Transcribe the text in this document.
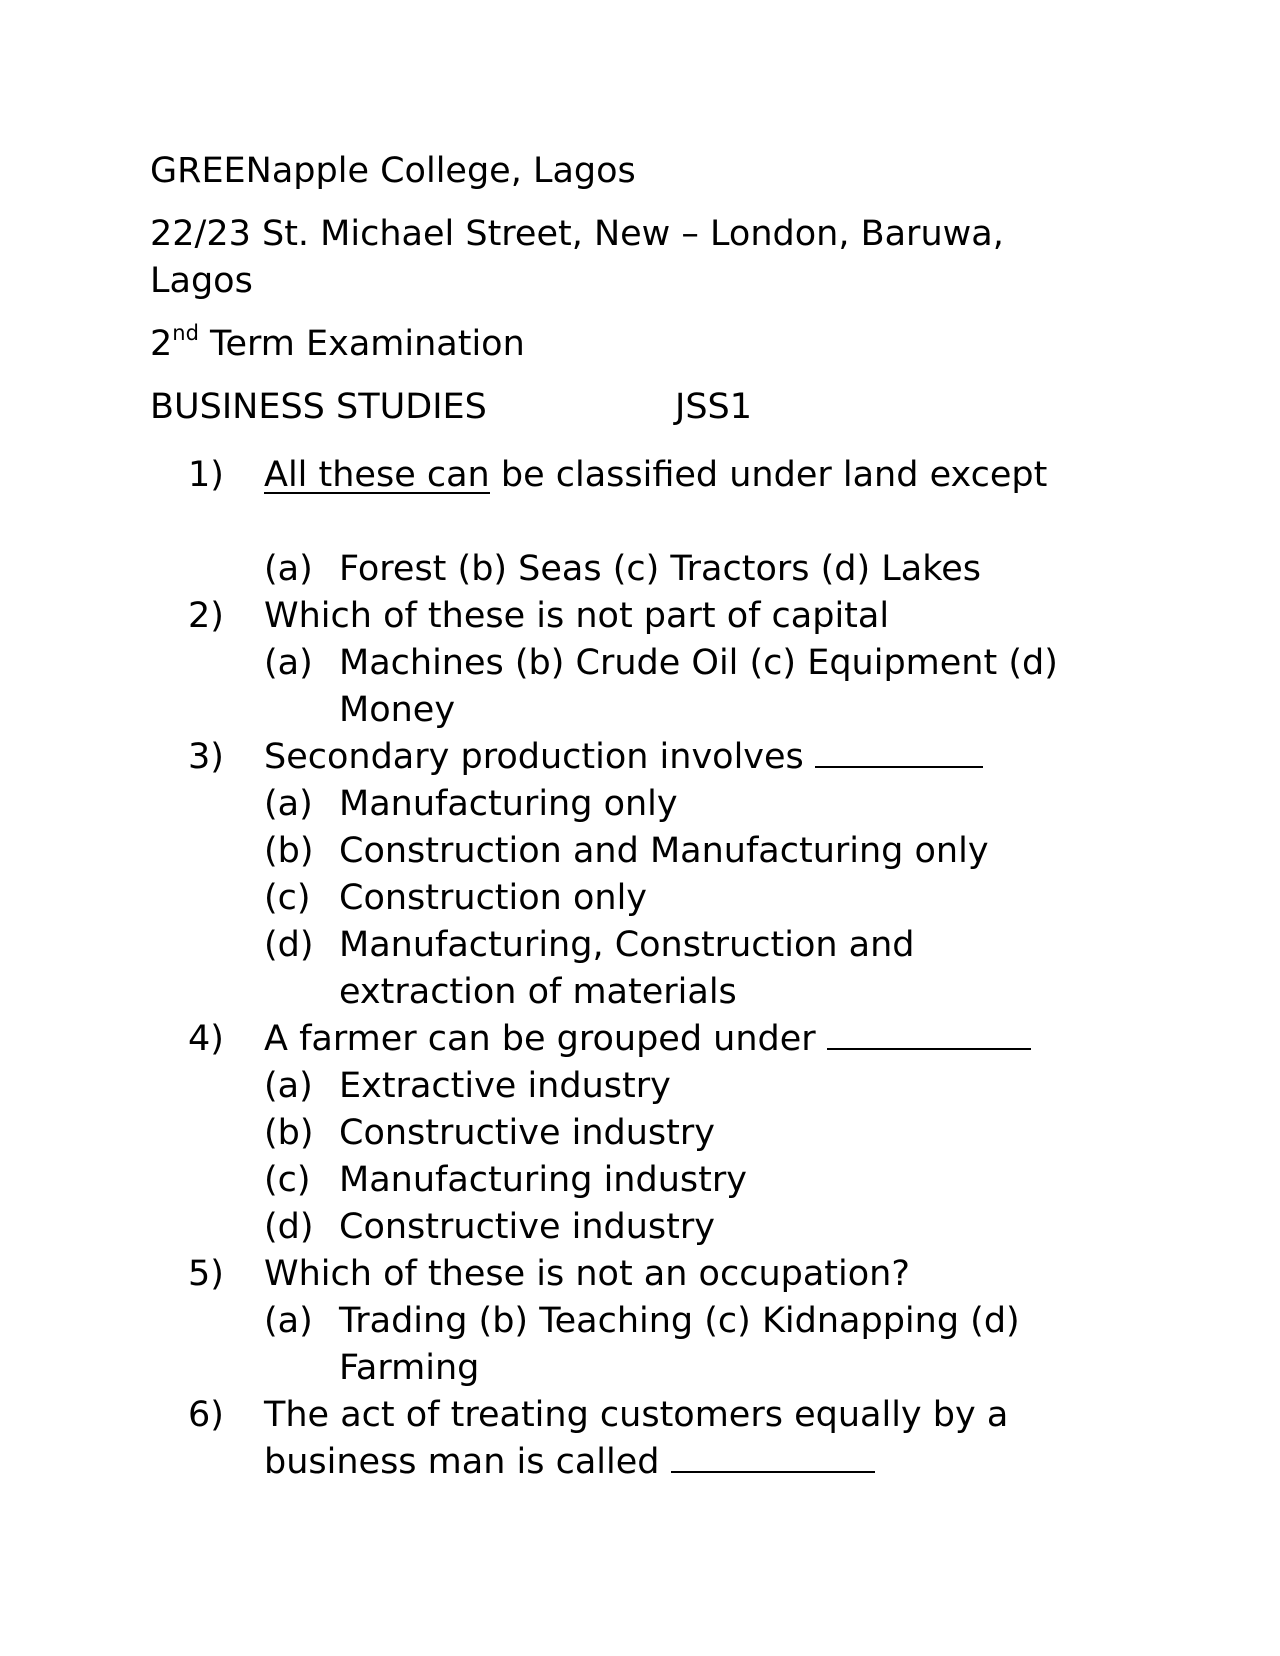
GREENapple College, Lagos

22/23 St. Michael Street, New – London, Baruwa, Lagos

2nd Term Examination

BUSINESS STUDIES	JSS1
1) All these can be classified under land except
(a) Forest (b) Seas (c) Tractors (d) Lakes
2) Which of these is not part of capital
(a) Machines (b) Crude Oil (c) Equipment (d) Money
3) Secondary production involves
(a) Manufacturing only
(b) Construction and Manufacturing only
(c) Construction only
(d) Manufacturing, Construction and extraction of materials
4) A farmer can be grouped under
(a) Extractive industry
(b) Constructive industry
(c) Manufacturing industry
(d) Constructive industry
5) Which of these is not an occupation?
(a) Trading (b) Teaching (c) Kidnapping (d) Farming
6) The act of treating customers equally by a business man is called
